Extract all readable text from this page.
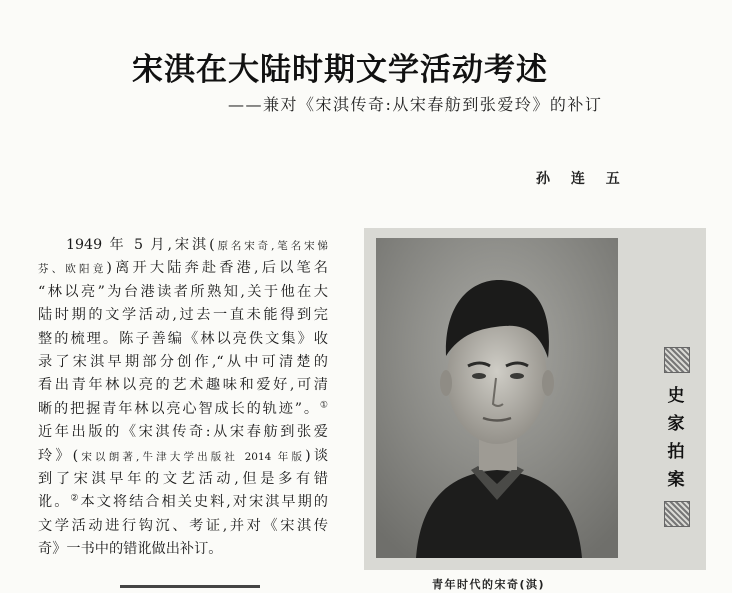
宋淇在大陆时期文学活动考述

——兼对《宋淇传奇:从宋春舫到张爱玲》的补订

孙 连 五
1949 年 5 月,宋淇(原名宋奇,笔名宋悌
芬、欧阳竟)离开大陆奔赴香港,后以笔名
“林以亮”为台港读者所熟知,关于他在大
陆时期的文学活动,过去一直未能得到完
整的梳理。陈子善编《林以亮佚文集》收
录了宋淇早期部分创作,“从中可清楚的
看出青年林以亮的艺术趣味和爱好,可清
晰的把握青年林以亮心智成长的轨迹”。①
近年出版的《宋淇传奇:从宋春舫到张爱
玲》(宋以朗著,牛津大学出版社 2014 年版)谈
到了宋淇早年的文艺活动,但是多有错
讹。②本文将结合相关史料,对宋淇早期的
文学活动进行钩沉、考证,并对《宋淇传
奇》一书中的错讹做出补订。
史家拍案
青年时代的宋奇(淇)
